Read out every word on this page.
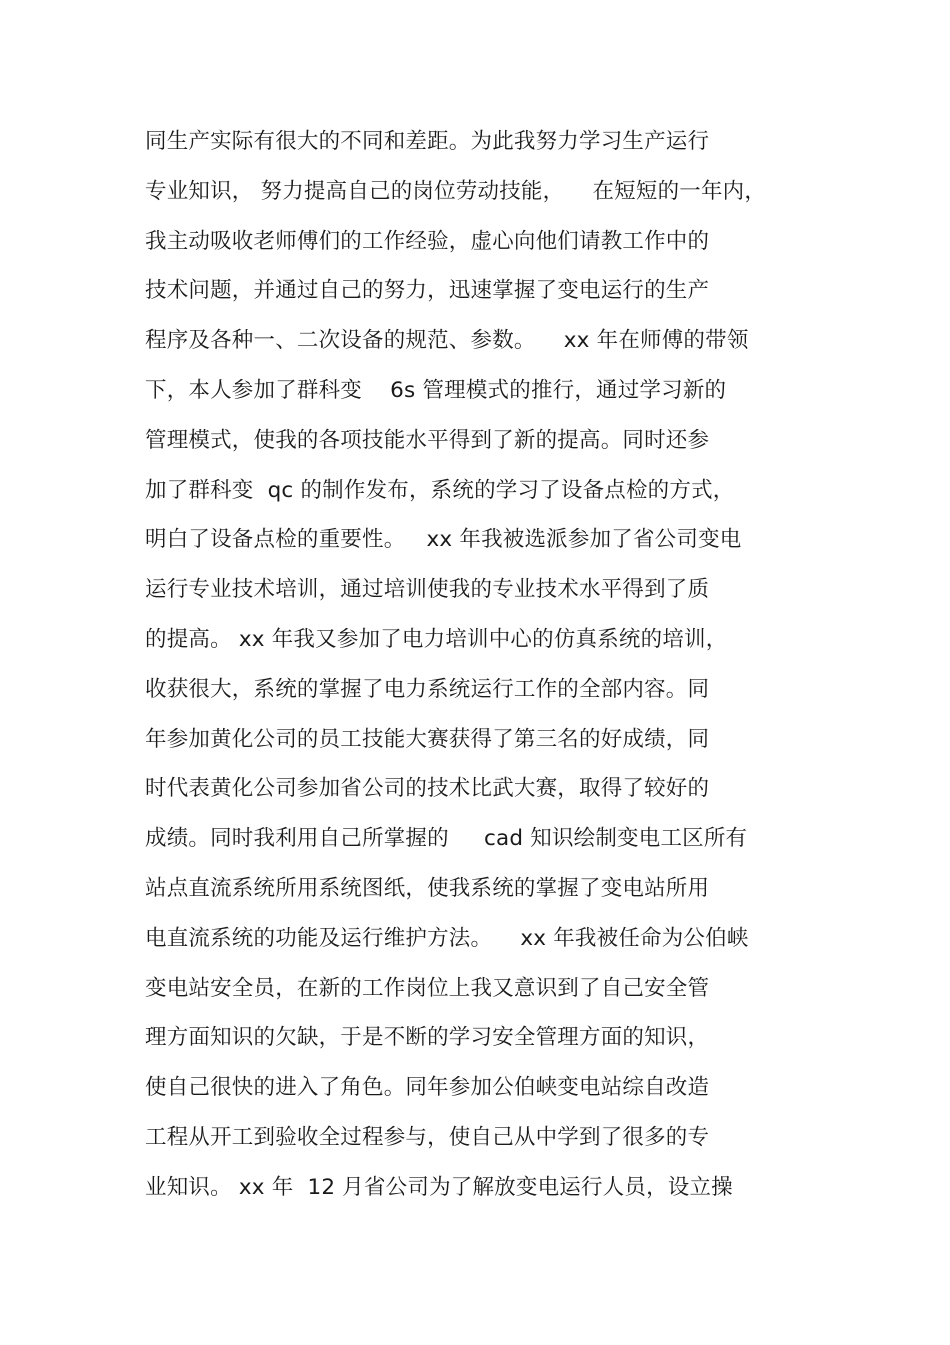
同生产实际有很大的不同和差距。为此我努力学习生产运行
专业知识， 努力提高自己的岗位劳动技能，    在短短的一年内，
我主动吸收老师傅们的工作经验，虚心向他们请教工作中的
技术问题，并通过自己的努力，迅速掌握了变电运行的生产
程序及各种一、二次设备的规范、参数。    xx 年在师傅的带领
下，本人参加了群科变    6s 管理模式的推行，通过学习新的
管理模式，使我的各项技能水平得到了新的提高。同时还参
加了群科变  qc 的制作发布，系统的学习了设备点检的方式，
明白了设备点检的重要性。   xx 年我被选派参加了省公司变电
运行专业技术培训，通过培训使我的专业技术水平得到了质
的提高。 xx 年我又参加了电力培训中心的仿真系统的培训，
收获很大，系统的掌握了电力系统运行工作的全部内容。同
年参加黄化公司的员工技能大赛获得了第三名的好成绩，同
时代表黄化公司参加省公司的技术比武大赛，取得了较好的
成绩。同时我利用自己所掌握的     cad 知识绘制变电工区所有
站点直流系统所用系统图纸，使我系统的掌握了变电站所用
电直流系统的功能及运行维护方法。    xx 年我被任命为公伯峡
变电站安全员，在新的工作岗位上我又意识到了自己安全管
理方面知识的欠缺，于是不断的学习安全管理方面的知识，
使自己很快的进入了角色。同年参加公伯峡变电站综自改造
工程从开工到验收全过程参与，使自己从中学到了很多的专
业知识。 xx 年  12 月省公司为了解放变电运行人员，设立操
